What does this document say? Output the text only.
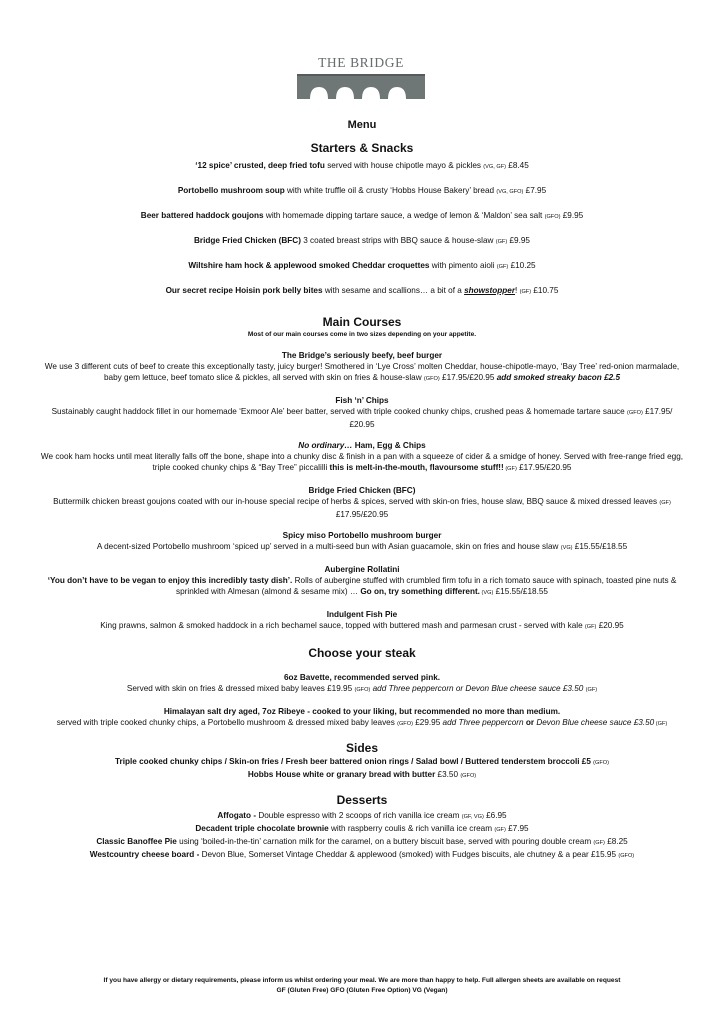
THE BRIDGE
Menu
Starters & Snacks
‘12 spice’ crusted, deep fried tofu served with house chipotle mayo & pickles (VG, GF) £8.45
Portobello mushroom soup with white truffle oil & crusty ‘Hobbs House Bakery’ bread (VG, GFO) £7.95
Beer battered haddock goujons with homemade dipping tartare sauce, a wedge of lemon & ‘Maldon’ sea salt (GFO) £9.95
Bridge Fried Chicken (BFC) 3 coated breast strips with BBQ sauce & house-slaw (GF) £9.95
Wiltshire ham hock & applewood smoked Cheddar croquettes with pimento aioli (GF) £10.25
Our secret recipe Hoisin pork belly bites with sesame and scallions… a bit of a showstopper! (GF) £10.75
Main Courses
Most of our main courses come in two sizes depending on your appetite.
The Bridge’s seriously beefy, beef burger
We use 3 different cuts of beef to create this exceptionally tasty, juicy burger! Smothered in ‘Lye Cross’ molten Cheddar, house-chipotle-mayo, ‘Bay Tree’ red-onion marmalade, baby gem lettuce, beef tomato slice & pickles, all served with skin on fries & house-slaw (GFO) £17.95/£20.95 add smoked streaky bacon £2.5
Fish ‘n’ Chips
Sustainably caught haddock fillet in our homemade ‘Exmoor Ale’ beer batter, served with triple cooked chunky chips, crushed peas & homemade tartare sauce (GFO) £17.95/£20.95
No ordinary… Ham, Egg & Chips
We cook ham hocks until meat literally falls off the bone, shape into a chunky disc & finish in a pan with a squeeze of cider & a smidge of honey. Served with free-range fried egg, triple cooked chunky chips & “Bay Tree” piccalilli this is melt-in-the-mouth, flavoursome stuff!! (GF) £17.95/£20.95
Bridge Fried Chicken (BFC)
Buttermilk chicken breast goujons coated with our in-house special recipe of herbs & spices, served with skin-on fries, house slaw, BBQ sauce & mixed dressed leaves (GF) £17.95/£20.95
Spicy miso Portobello mushroom burger
A decent-sized Portobello mushroom ‘spiced up’ served in a multi-seed bun with Asian guacamole, skin on fries and house slaw (VG) £15.55/£18.55
Aubergine Rollatini
‘You don’t have to be vegan to enjoy this incredibly tasty dish’. Rolls of aubergine stuffed with crumbled firm tofu in a rich tomato sauce with spinach, toasted pine nuts & sprinkled with Almesan (almond & sesame mix) … Go on, try something different. (VG) £15.55/£18.55
Indulgent Fish Pie
King prawns, salmon & smoked haddock in a rich bechamel sauce, topped with buttered mash and parmesan crust - served with kale (GF) £20.95
Choose your steak
6oz Bavette, recommended served pink.
Served with skin on fries & dressed mixed baby leaves £19.95 (GFO) add Three peppercorn or Devon Blue cheese sauce £3.50 (GF)
Himalayan salt dry aged, 7oz Ribeye - cooked to your liking, but recommended no more than medium.
served with triple cooked chunky chips, a Portobello mushroom & dressed mixed baby leaves (GFO) £29.95 add Three peppercorn or Devon Blue cheese sauce £3.50 (GF)
Sides
Triple cooked chunky chips / Skin-on fries / Fresh beer battered onion rings / Salad bowl / Buttered tenderstem broccoli £5 (GFO)
Hobbs House white or granary bread with butter £3.50 (GFO)
Desserts
Affogato - Double espresso with 2 scoops of rich vanilla ice cream (GF, VG) £6.95
Decadent triple chocolate brownie with raspberry coulis & rich vanilla ice cream (GF) £7.95
Classic Banoffee Pie using ‘boiled-in-the-tin’ carnation milk for the caramel, on a buttery biscuit base, served with pouring double cream (GF) £8.25
Westcountry cheese board - Devon Blue, Somerset Vintage Cheddar & applewood (smoked) with Fudges biscuits, ale chutney & a pear £15.95 (GFO)
If you have allergy or dietary requirements, please inform us whilst ordering your meal. We are more than happy to help. Full allergen sheets are available on request
GF (Gluten Free) GFO (Gluten Free Option) VG (Vegan)
